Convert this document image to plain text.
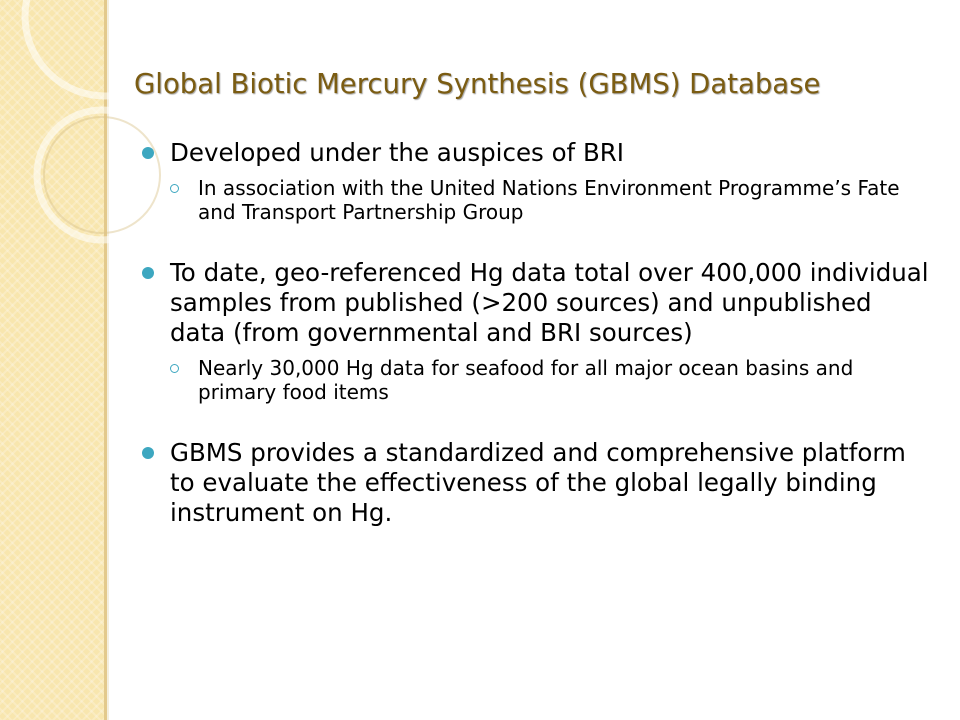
Global Biotic Mercury Synthesis (GBMS) Database
Developed under the auspices of BRI
In association with the United Nations Environment Programme’s Fate and Transport Partnership Group
To date, geo-referenced Hg data total over 400,000 individual samples from published (>200 sources) and unpublished data (from governmental and BRI sources)
Nearly 30,000 Hg data for seafood for all major ocean basins and primary food items
GBMS provides a standardized and comprehensive platform to evaluate the effectiveness of the global legally binding instrument on Hg.
